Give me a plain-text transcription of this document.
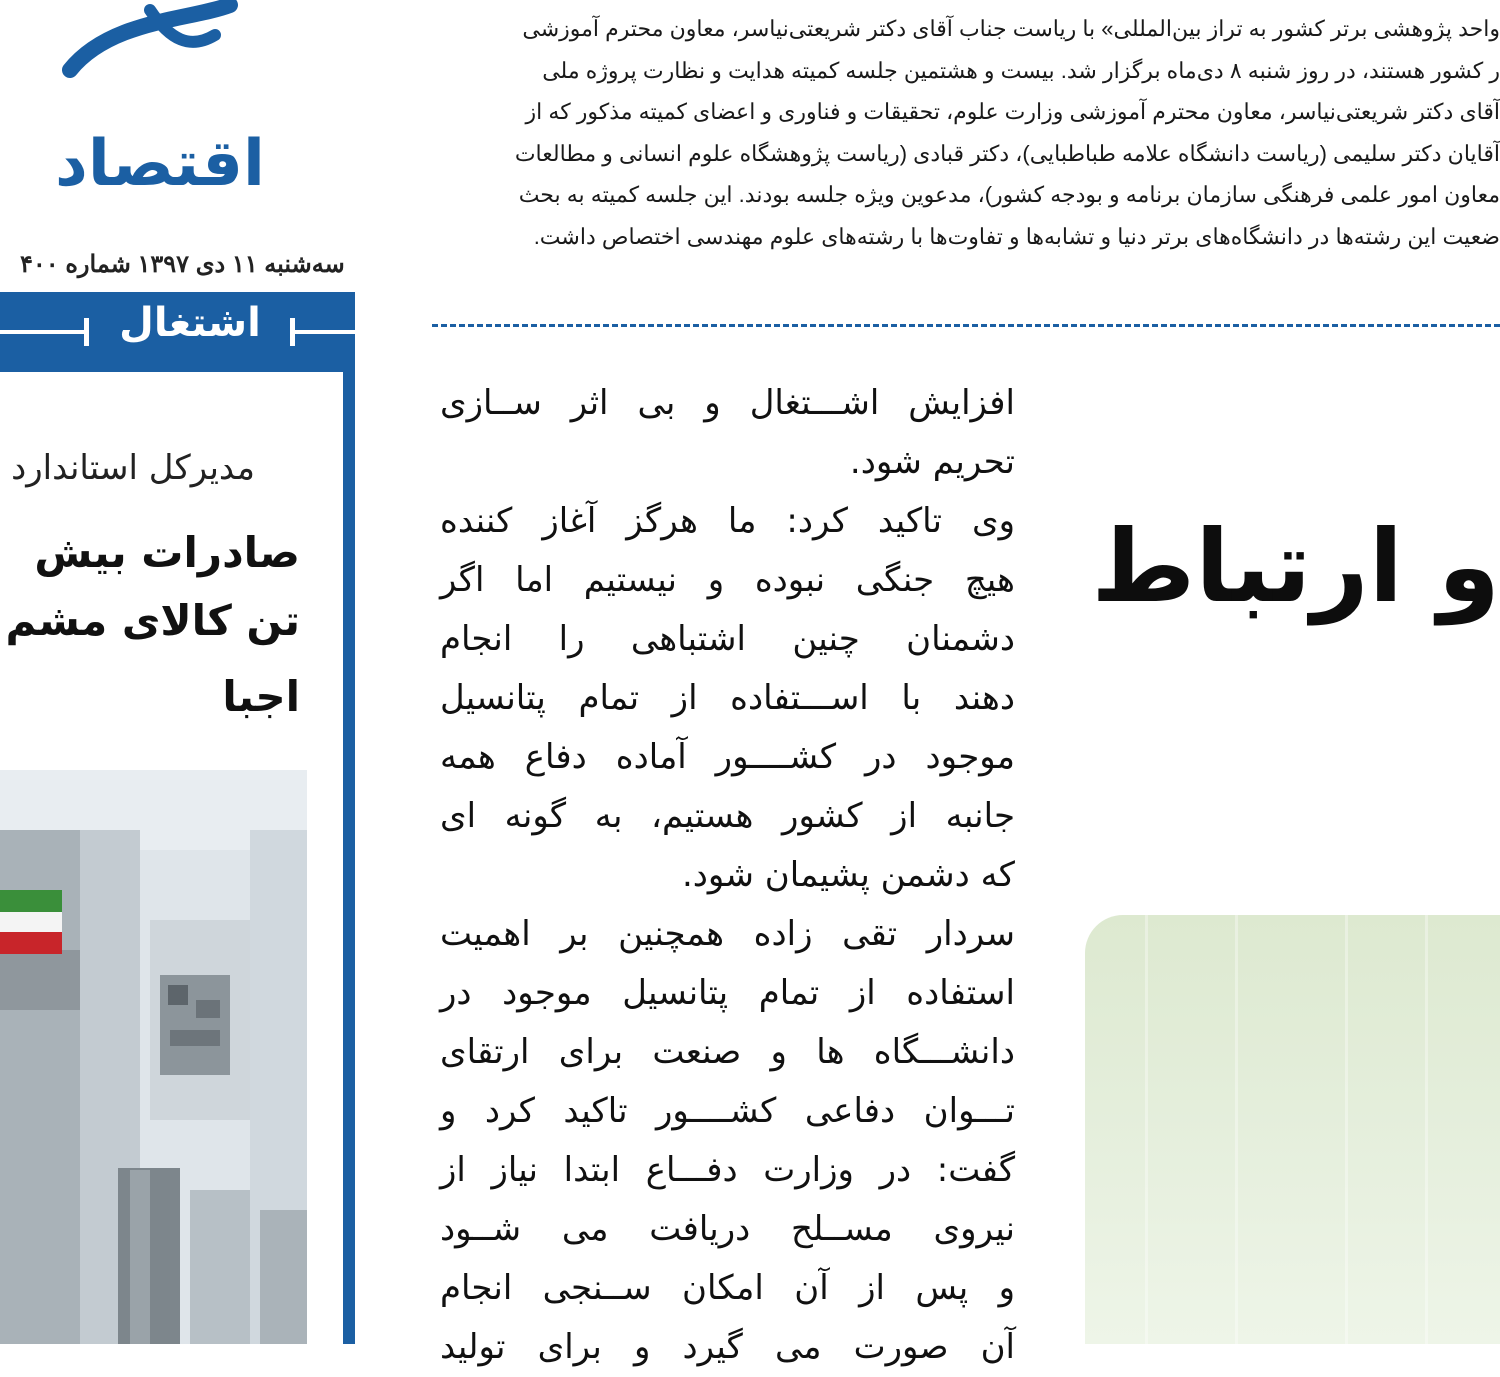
اقتصاد
سه‌شنبه ۱۱ دی ۱۳۹۷ شماره ۴۰۰
اشتغال
مدیرکل استاندارد
صادرات بیش
تن کالای مشم
اجبا
واحد پژوهشی برتر کشور به تراز بین‌المللی» با ریاست جناب آقای دکتر شریعتی‌نیاسر، معاون محترم آموزشی
ر کشور هستند، در روز شنبه ۸ دی‌ماه برگزار شد. بیست و هشتمین جلسه کمیته هدایت و نظارت پروژه ملی
آقای دکتر شریعتی‌نیاسر، معاون محترم آموزشی وزارت علوم، تحقیقات و فناوری و اعضای کمیته مذکور که از
آقایان دکتر سلیمی (ریاست دانشگاه علامه طباطبایی)، دکتر قبادی (ریاست پژوهشگاه علوم انسانی و مطالعات
معاون امور علمی فرهنگی سازمان برنامه و بودجه کشور)، مدعوین ویژه جلسه بودند. این جلسه کمیته به بحث
ضعیت این رشته‌ها در دانشگاه‌های برتر دنیا و تشابه‌ها و تفاوت‌ها با رشته‌های علوم مهندسی اختصاص داشت.
افزایش اشـــتغال و بی اثر ســازی
تحریم شود.
وی تاکید کرد: ما هرگز آغاز کننده
هیچ جنگی نبوده و نیستیم اما اگر
دشمنان چنین اشتباهی را انجام
دهند با اســـتفاده از تمام پتانسیل
موجود در کشــــور آماده دفاع همه
جانبه از کشور هستیم، به گونه ای
که دشمن پشیمان شود.
سردار تقی زاده همچنین بر اهمیت
استفاده از تمام پتانسیل موجود در
دانشـــگاه ها و صنعت برای ارتقای
تـــوان دفاعی کشــــور تاکید کرد و
گفت: در وزارت دفـــاع ابتدا نیاز از
نیروی مســلح دریافت می شــود
و پس از آن امکان ســنجی انجام
آن صورت می گیرد و برای تولید
و ارتباط
